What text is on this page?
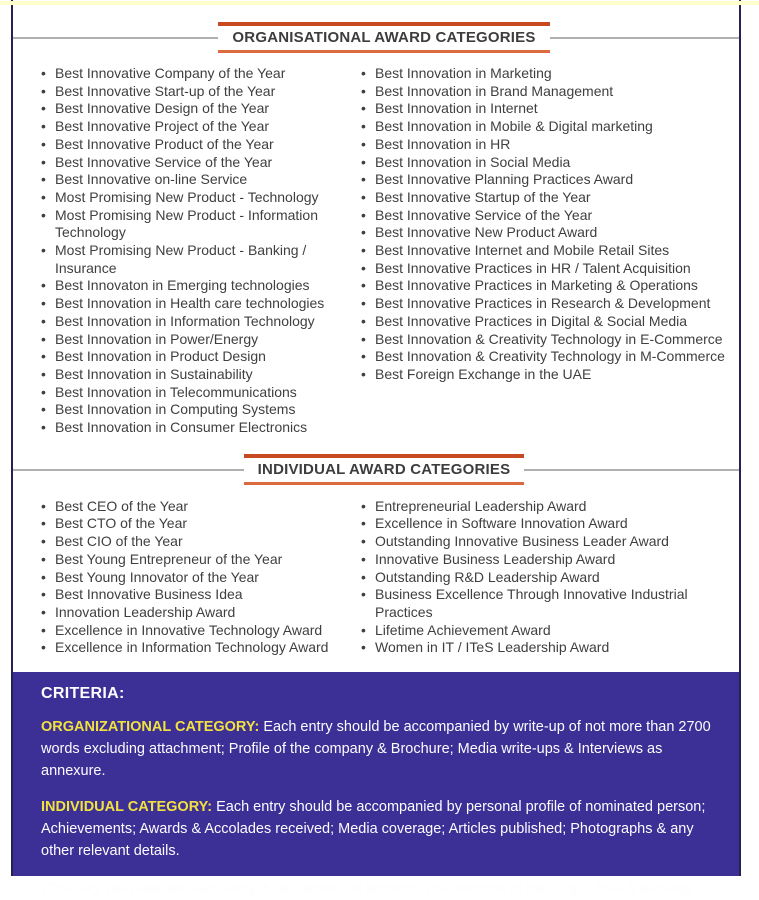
ORGANISATIONAL AWARD CATEGORIES
• Best Innovative Company of the Year
• Best Innovative Start-up of the Year
• Best Innovative Design of the Year
• Best Innovative Project of the Year
• Best Innovative Product of the Year
• Best Innovative Service of the Year
• Best Innovative on-line Service
• Most Promising New Product - Technology
• Most Promising New Product - Information Technology
• Most Promising New Product - Banking / Insurance
• Best Innovaton in Emerging technologies
• Best Innovation in Health care technologies
• Best Innovation in Information Technology
• Best Innovation in Power/Energy
• Best Innovation in Product Design
• Best Innovation in Sustainability
• Best Innovation in Telecommunications
• Best Innovation in Computing Systems
• Best Innovation in Consumer Electronics
• Best Innovation in Marketing
• Best Innovation in Brand Management
• Best Innovation in Internet
• Best Innovation in Mobile & Digital marketing
• Best Innovation in HR
• Best Innovation in Social Media
• Best Innovative Planning Practices Award
• Best Innovative Startup of the Year
• Best Innovative Service of the Year
• Best Innovative New Product Award
• Best Innovative Internet and Mobile Retail Sites
• Best Innovative Practices in HR / Talent Acquisition
• Best Innovative Practices in Marketing & Operations
• Best Innovative Practices in Research & Development
• Best Innovative Practices in Digital & Social Media
• Best Innovation & Creativity Technology in E-Commerce
• Best Innovation & Creativity Technology in M-Commerce
• Best Foreign Exchange in the UAE
INDIVIDUAL AWARD CATEGORIES
• Best CEO of the Year
• Best CTO of the Year
• Best CIO of the Year
• Best Young Entrepreneur of the Year
• Best Young Innovator of the Year
• Best Innovative Business Idea
• Innovation Leadership Award
• Excellence in Innovative Technology Award
• Excellence in Information Technology Award
• Entrepreneurial Leadership Award
• Excellence in Software Innovation Award
• Outstanding Innovative Business Leader Award
• Innovative Business Leadership Award
• Outstanding R&D Leadership Award
• Business Excellence Through Innovative Industrial Practices
• Lifetime Achievement Award
• Women in IT / ITeS Leadership Award
CRITERIA:

ORGANIZATIONAL CATEGORY: Each entry should be accompanied by write-up of not more than 2700 words excluding attachment; Profile of the company & Brochure; Media write-ups & Interviews as annexure.

INDIVIDUAL CATEGORY: Each entry should be accompanied by personal profile of nominated person; Achievements; Awards & Accolades received; Media coverage; Articles published; Photographs & any other relevant details.

(The Jury will evaluate each entry & will decide on winners. The decision of the Jury is final & binding)
